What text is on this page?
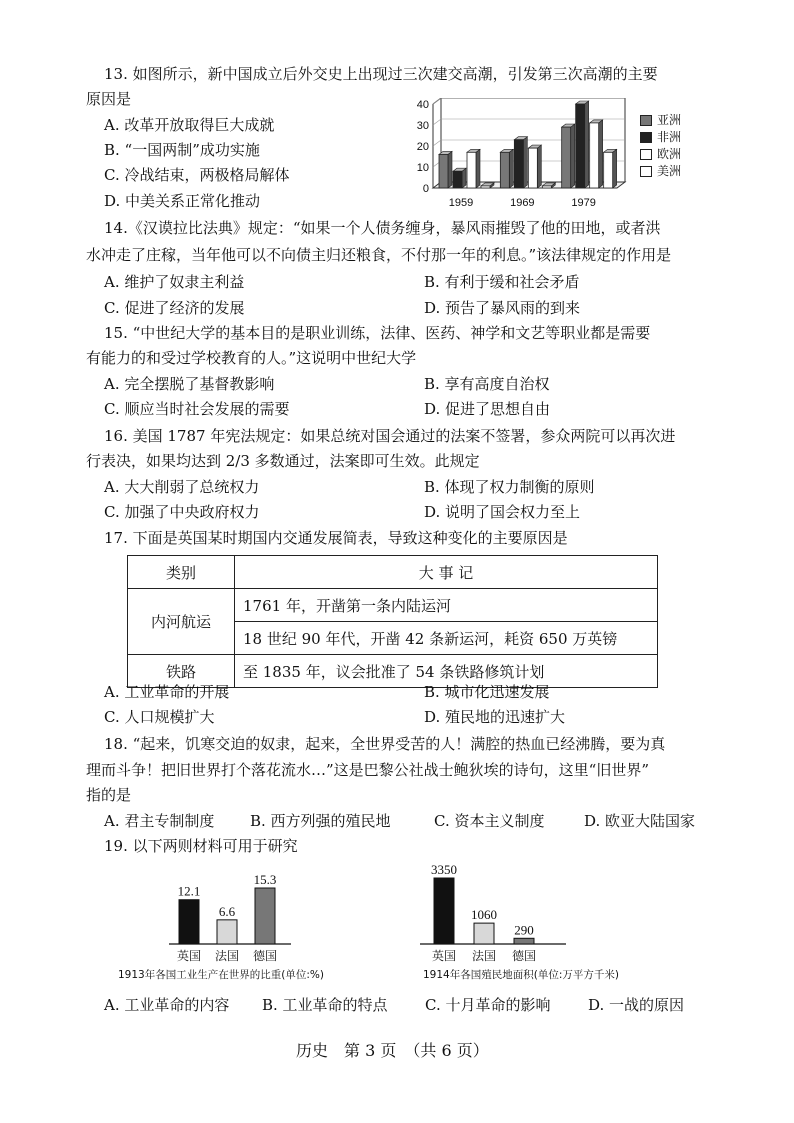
13. 如图所示，新中国成立后外交史上出现过三次建交高潮，引发第三次高潮的主要
原因是
A. 改革开放取得巨大成就
B. “一国两制”成功实施
C. 冷战结束，两极格局解体
D. 中美关系正常化推动
0
10
20
30
40
1959	1969	1979
亚洲
非洲
欧洲
美洲
14.《汉谟拉比法典》规定：“如果一个人债务缠身，暴风雨摧毁了他的田地，或者洪
水冲走了庄稼，当年他可以不向债主归还粮食，不付那一年的利息。”该法律规定的作用是
A. 维护了奴隶主利益	B. 有利于缓和社会矛盾
C. 促进了经济的发展	D. 预告了暴风雨的到来
15. “中世纪大学的基本目的是职业训练，法律、医药、神学和文艺等职业都是需要
有能力的和受过学校教育的人。”这说明中世纪大学
A. 完全摆脱了基督教影响	B. 享有高度自治权
C. 顺应当时社会发展的需要	D. 促进了思想自由
16. 美国 1787 年宪法规定：如果总统对国会通过的法案不签署，参众两院可以再次进
行表决，如果均达到 2/3 多数通过，法案即可生效。此规定
A. 大大削弱了总统权力	B. 体现了权力制衡的原则
C. 加强了中央政府权力	D. 说明了国会权力至上
17. 下面是英国某时期国内交通发展简表，导致这种变化的主要原因是
类别	大 事 记
内河航运	1761 年，开凿第一条内陆运河
	18 世纪 90 年代，开凿 42 条新运河，耗资 650 万英镑
铁路	至 1835 年，议会批准了 54 条铁路修筑计划
A. 工业革命的开展	B. 城市化迅速发展
C. 人口规模扩大	D. 殖民地的迅速扩大
18. “起来，饥寒交迫的奴隶，起来，全世界受苦的人！满腔的热血已经沸腾，要为真
理而斗争！把旧世界打个落花流水…”这是巴黎公社战士鲍狄埃的诗句，这里“旧世界”
指的是
A. 君主专制制度 B. 西方列强的殖民地	C. 资本主义制度	D. 欧亚大陆国家
19. 以下两则材料可用于研究
12.1
英国
6.6
法国
15.3
德国
1913年各国工业生产在世界的比重(单位:%)
3350
英国
1060
法国
290
德国
1914年各国殖民地面积(单位:万平方千米)
A. 工业革命的内容 B. 工业革命的特点 C. 十月革命的影响	D. 一战的原因
历史　第 3 页　（共 6 页）
